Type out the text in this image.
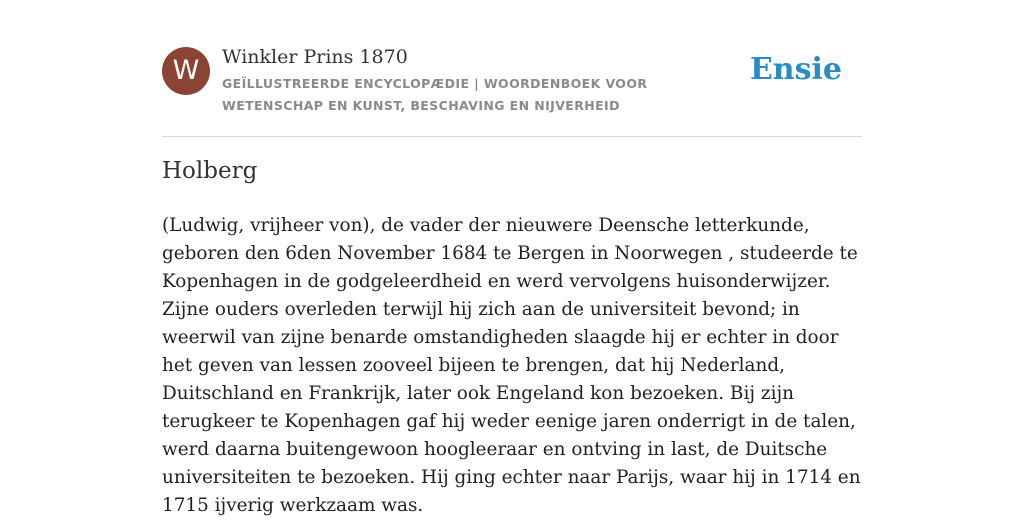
W	Winkler Prins 1870
GEÏLLUSTREERDE ENCYCLOPÆDIE | WOORDENBOEK VOOR WETENSCHAP EN KUNST, BESCHAVING EN NIJVERHEID
Ensie
Holberg

(Ludwig, vrijheer von), de vader der nieuwere Deensche letterkunde, geboren den 6den November 1684 te Bergen in Noorwegen , studeerde te Kopenhagen in de godgeleerdheid en werd vervolgens huisonderwijzer. Zijne ouders overleden terwijl hij zich aan de universiteit bevond; in weerwil van zijne benarde omstandigheden slaagde hij er echter in door het geven van lessen zooveel bijeen te brengen, dat hij Nederland, Duitschland en Frankrijk, later ook Engeland kon bezoeken. Bij zijn terugkeer te Kopenhagen gaf hij weder eenige jaren onderrigt in de talen, werd daarna buitengewoon hoogleeraar en ontving in last, de Duitsche universiteiten te bezoeken. Hij ging echter naar Parijs, waar hij in 1714 en 1715 ijverig werkzaam was.
